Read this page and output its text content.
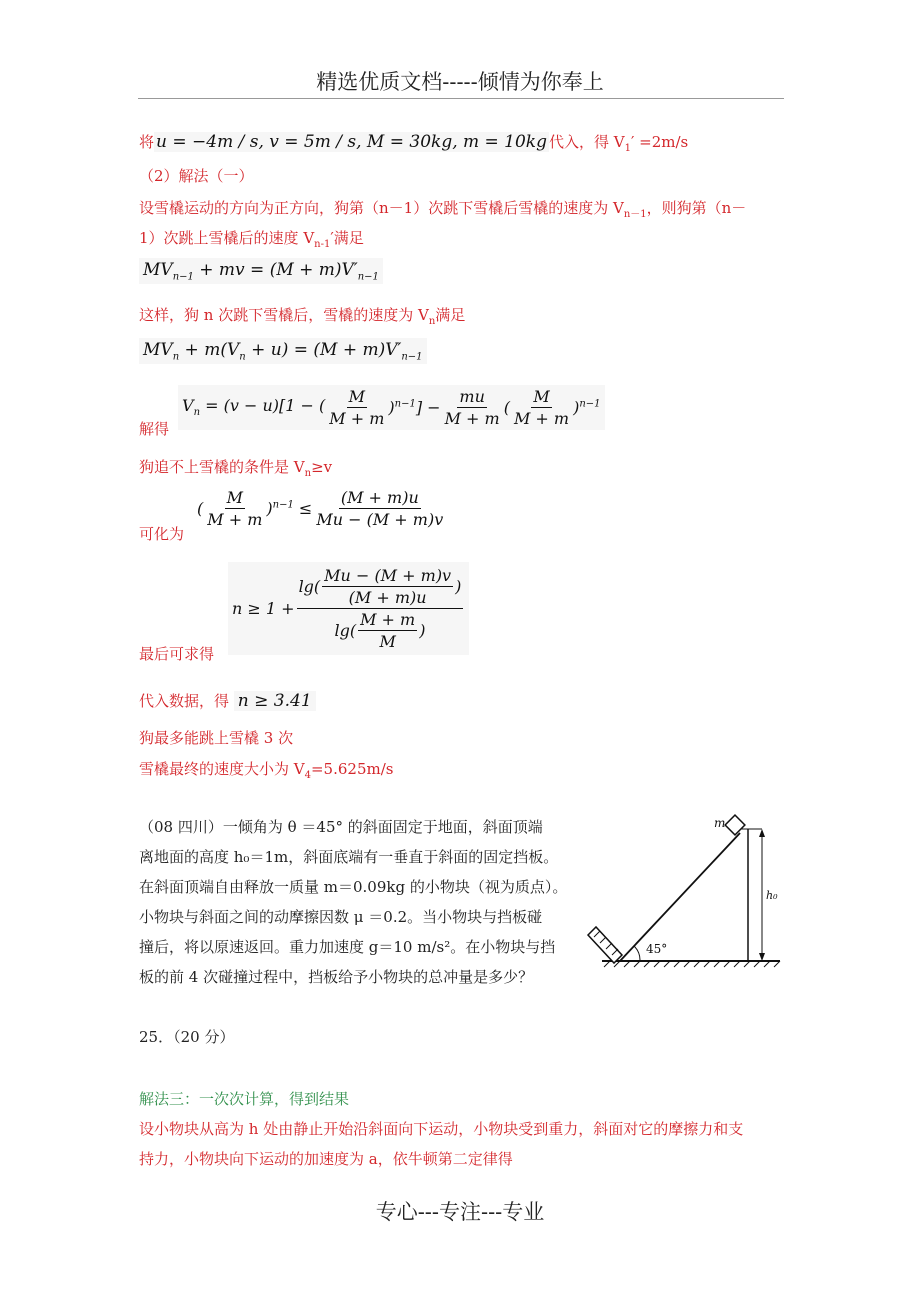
精选优质文档-----倾情为你奉上
将 u = −4m / s, v = 5m / s, M = 30kg, m = 10kg 代入，得 $V_1' =2m/s$
（2）解法（一）
设雪橇运动的方向为正方向，狗第（n－1）次跳下雪橇后雪橇的速度为 $V_{n-1}$，则狗第（n－
1）次跳上雪橇后的速度 $V_{n-1}'$满足
$MV_{n-1}$ + mv = $(M + m)V'_{n-1}$
这样，狗 n 次跳下雪橇后，雪橇的速度为 $V_n$满足
$MV_n + m(V_n + u) = (M + m)V'_{n-1}$
解得
$V_n = (v - u)[1$ − ( $\frac{M}{M + m} )^{n-1}] - \frac{mu}{M + m}$ ( $\frac{M}{M + m} )^{n-1}$
狗追不上雪橇的条件是 $V_n\ge v$
可化为
( $\frac{M}{M + m} )^{n-1} \le \frac{(M + m)u}{Mu - (M + m)v}$
最后可求得
$n \ge 1 + \frac{\lg( \frac{Mu - (M + m)v}{(M + m)u} )}{\lg( \frac{M + m}{M} )}$
代入数据，得 n ≥ 3.41
狗最多能跳上雪橇 3 次
雪橇最终的速度大小为 $V_4=5.625m/s$
（08 四川）一倾角为 θ ＝45° 的斜面固定于地面，斜面顶端
离地面的高度 h₀＝1m，斜面底端有一垂直于斜面的固定挡板。
在斜面顶端自由释放一质量 m＝0.09kg 的小物块（视为质点）。
小物块与斜面之间的动摩擦因数 μ ＝0.2。当小物块与挡板碰
撞后，将以原速返回。重力加速度 g＝10 m/s²。在小物块与挡
板的前 4 次碰撞过程中，挡板给予小物块的总冲量是多少？
m
h₀
45°
25．（20 分）
解法三：一次次计算，得到结果
设小物块从高为 h 处由静止开始沿斜面向下运动，小物块受到重力，斜面对它的摩擦力和支
持力，小物块向下运动的加速度为 a，依牛顿第二定律得
专心---专注---专业
